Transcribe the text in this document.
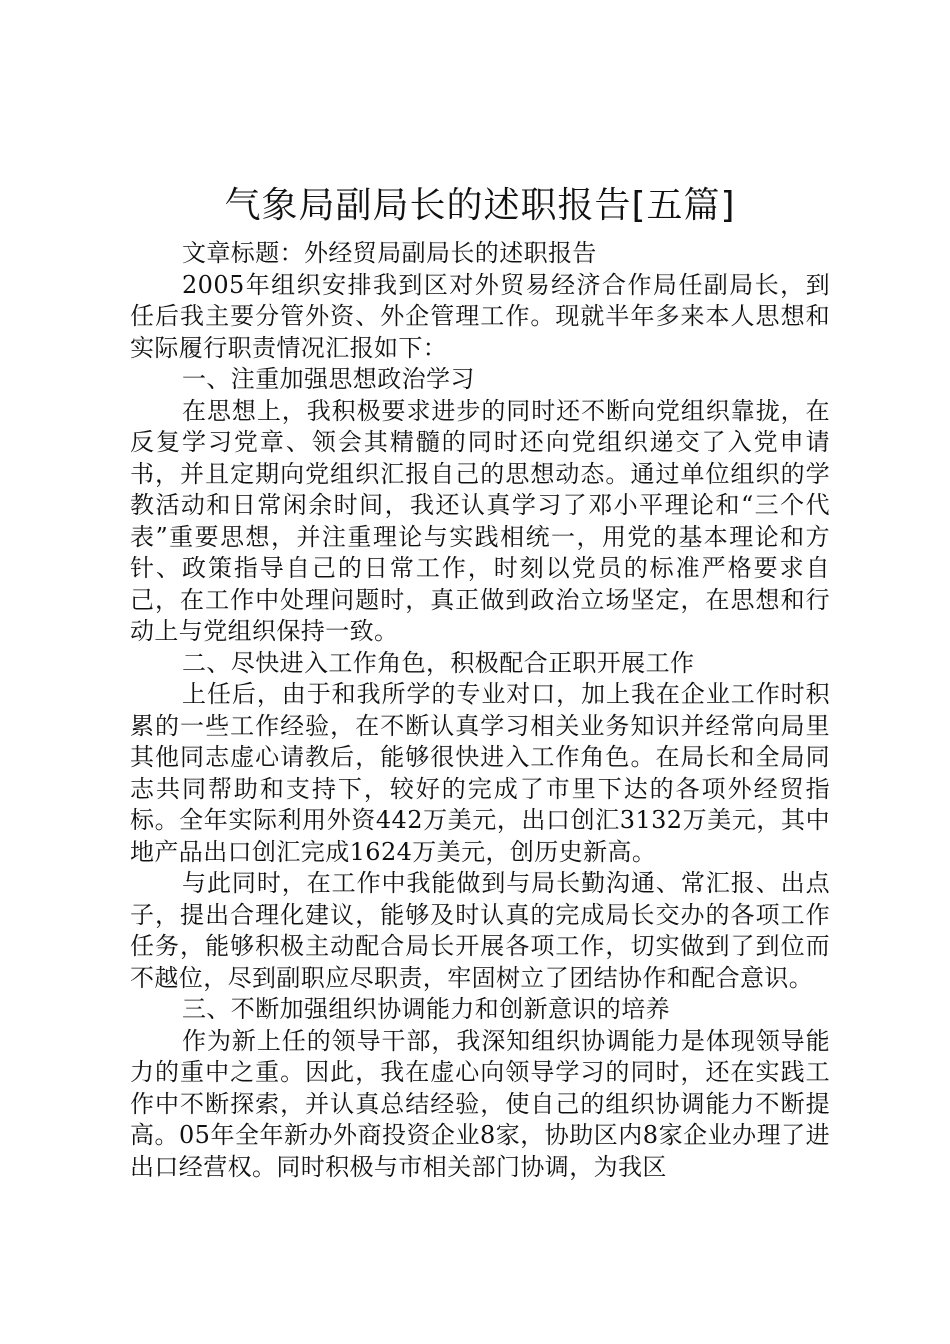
气象局副局长的述职报告[五篇]

文章标题：外经贸局副局长的述职报告

2005年组织安排我到区对外贸易经济合作局任副局长，到任后我主要分管外资、外企管理工作。现就半年多来本人思想和实际履行职责情况汇报如下：

一、注重加强思想政治学习

在思想上，我积极要求进步的同时还不断向党组织靠拢，在反复学习党章、领会其精髓的同时还向党组织递交了入党申请书，并且定期向党组织汇报自己的思想动态。通过单位组织的学教活动和日常闲余时间，我还认真学习了邓小平理论和“三个代表”重要思想，并注重理论与实践相统一，用党的基本理论和方针、政策指导自己的日常工作，时刻以党员的标准严格要求自己，在工作中处理问题时，真正做到政治立场坚定，在思想和行动上与党组织保持一致。

二、尽快进入工作角色，积极配合正职开展工作

上任后，由于和我所学的专业对口，加上我在企业工作时积累的一些工作经验，在不断认真学习相关业务知识并经常向局里其他同志虚心请教后，能够很快进入工作角色。在局长和全局同志共同帮助和支持下，较好的完成了市里下达的各项外经贸指标。全年实际利用外资442万美元，出口创汇3132万美元，其中地产品出口创汇完成1624万美元，创历史新高。

与此同时，在工作中我能做到与局长勤沟通、常汇报、出点子，提出合理化建议，能够及时认真的完成局长交办的各项工作任务，能够积极主动配合局长开展各项工作，切实做到了到位而不越位，尽到副职应尽职责，牢固树立了团结协作和配合意识。

三、不断加强组织协调能力和创新意识的培养

作为新上任的领导干部，我深知组织协调能力是体现领导能力的重中之重。因此，我在虚心向领导学习的同时，还在实践工作中不断探索，并认真总结经验，使自己的组织协调能力不断提高。05年全年新办外商投资企业8家，协助区内8家企业办理了进出口经营权。同时积极与市相关部门协调，为我区
